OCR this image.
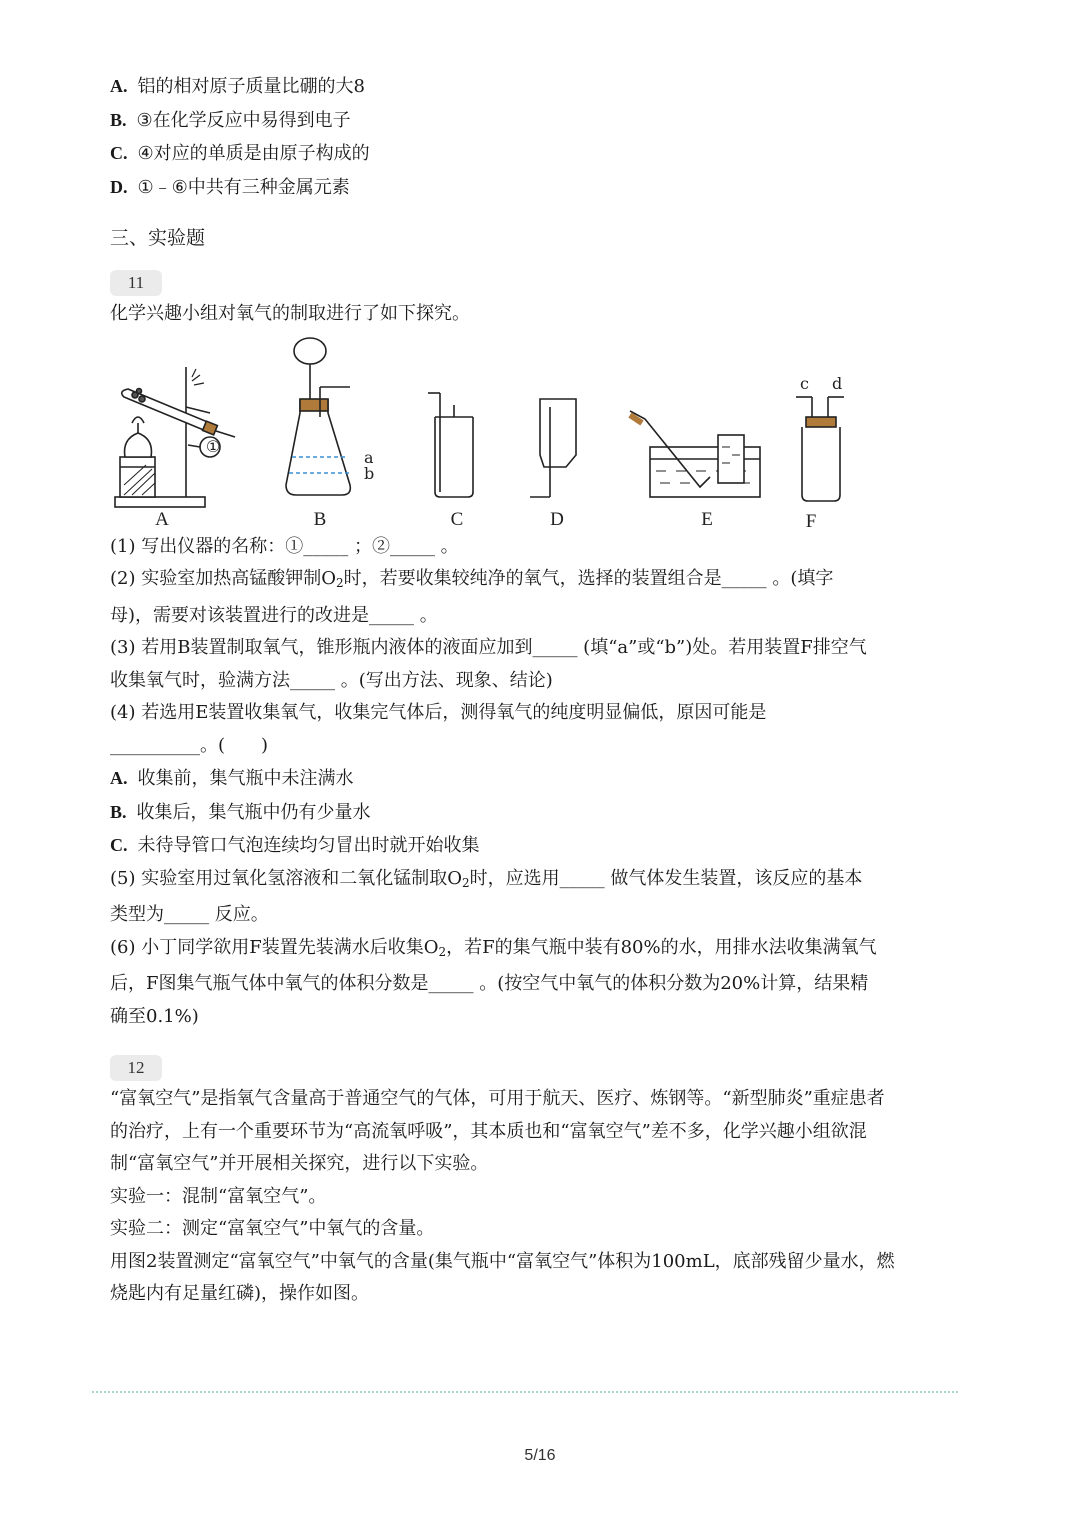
A. 铝的相对原子质量比硼的大8
B. ③在化学反应中易得到电子
C. ④对应的单质是由原子构成的
D. ①﹣⑥中共有三种金属元素
三、实验题
11
化学兴趣小组对氧气的制取进行了如下探究。
①
a
b
c d
A	B	C	D	E	F
(1) 写出仪器的名称：①_____ ；②_____ 。
(2) 实验室加热高锰酸钾制$O_2$时，若要收集较纯净的氧气，选择的装置组合是_____ 。(填字
母)，需要对该装置进行的改进是_____ 。
(3) 若用B装置制取氧气，锥形瓶内液体的液面应加到_____ (填“a”或“b”)处。若用装置F排空气
收集氧气时，验满方法_____ 。(写出方法、现象、结论)
(4) 若选用E装置收集氧气，收集完气体后，测得氧气的纯度明显偏低，原因可能是
__________。(　　)
A. 收集前，集气瓶中未注满水
B. 收集后，集气瓶中仍有少量水
C. 未待导管口气泡连续均匀冒出时就开始收集
(5) 实验室用过氧化氢溶液和二氧化锰制取$O_2$时，应选用_____ 做气体发生装置，该反应的基本
类型为_____ 反应。
(6) 小丁同学欲用F装置先装满水后收集$O_2$，若F的集气瓶中装有80%的水，用排水法收集满氧气
后，F图集气瓶气体中氧气的体积分数是_____ 。(按空气中氧气的体积分数为20%计算，结果精
确至0.1%)
12
“富氧空气”是指氧气含量高于普通空气的气体，可用于航天、医疗、炼钢等。“新型肺炎”重症患者
的治疗，上有一个重要环节为“高流氧呼吸”，其本质也和“富氧空气”差不多，化学兴趣小组欲混
制“富氧空气”并开展相关探究，进行以下实验。
实验一：混制“富氧空气”。
实验二：测定“富氧空气”中氧气的含量。
用图2装置测定“富氧空气”中氧气的含量(集气瓶中“富氧空气”体积为100mL，底部残留少量水，燃
烧匙内有足量红磷)，操作如图。
5/16
